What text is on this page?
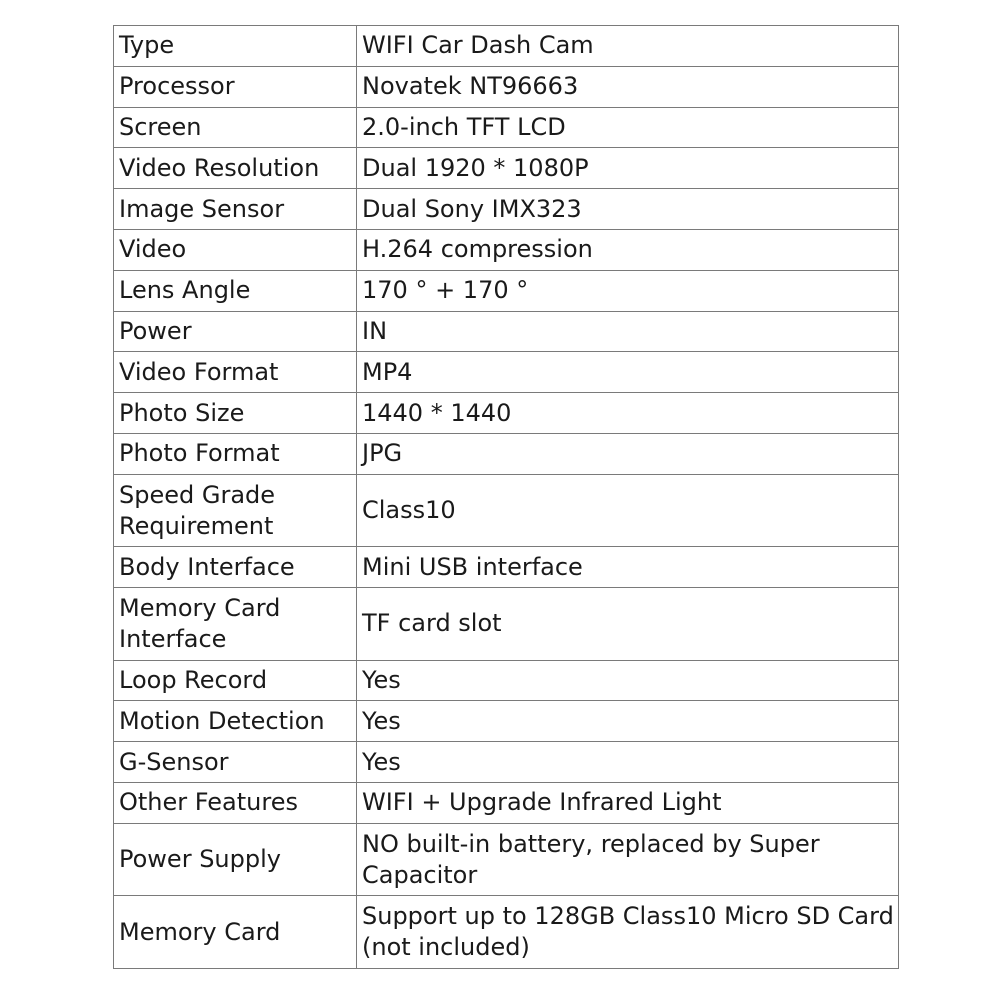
Type	WIFI Car Dash Cam
Processor	Novatek NT96663
Screen	2.0-inch TFT LCD
Video Resolution	Dual 1920 * 1080P
Image Sensor	Dual Sony IMX323
Video	H.264 compression
Lens Angle	170 ° + 170 °
Power	IN
Video Format	MP4
Photo Size	1440 * 1440
Photo Format	JPG
Speed Grade Requirement	Class10
Body Interface	Mini USB interface
Memory Card Interface	TF card slot
Loop Record	Yes
Motion Detection	Yes
G-Sensor	Yes
Other Features	WIFI + Upgrade Infrared Light
Power Supply	NO built-in battery, replaced by Super Capacitor
Memory Card	Support up to 128GB Class10 Micro SD Card (not included)
